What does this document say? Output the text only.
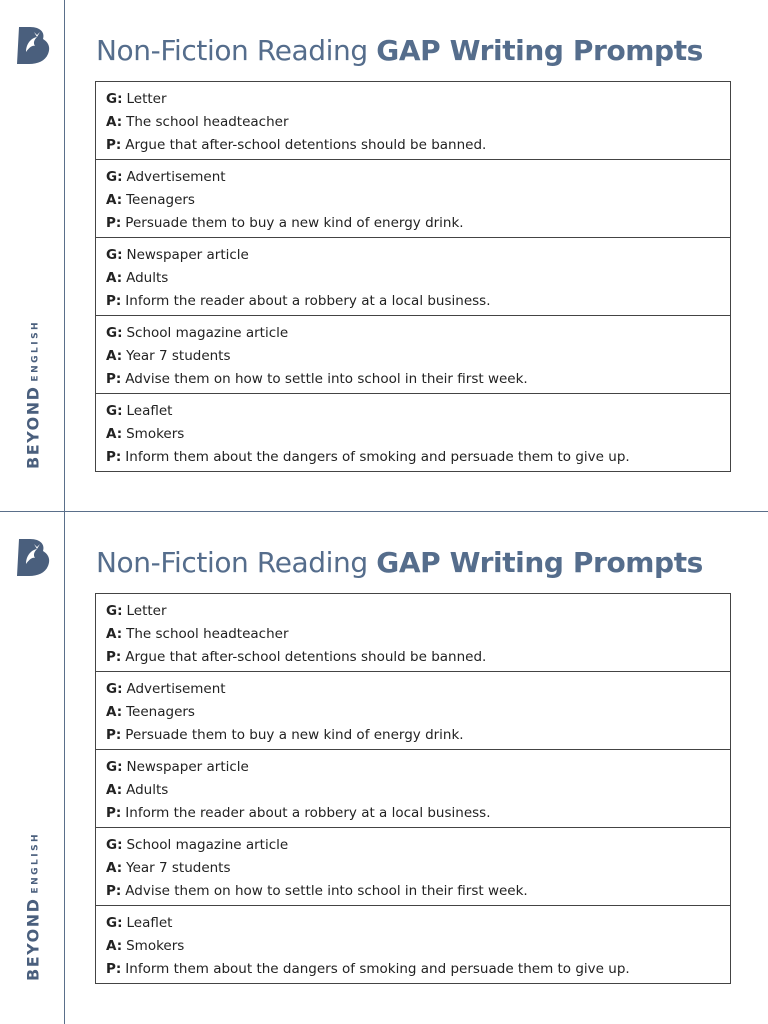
BEYONDENGLISH
Non-Fiction Reading GAP Writing Prompts
G: Letter
A: The school headteacher
P: Argue that after-school detentions should be banned.
G: Advertisement
A: Teenagers
P: Persuade them to buy a new kind of energy drink.
G: Newspaper article
A: Adults
P: Inform the reader about a robbery at a local business.
G: School magazine article
A: Year 7 students
P: Advise them on how to settle into school in their first week.
G: Leaflet
A: Smokers
P: Inform them about the dangers of smoking and persuade them to give up.
BEYONDENGLISH
Non-Fiction Reading GAP Writing Prompts
G: Letter
A: The school headteacher
P: Argue that after-school detentions should be banned.
G: Advertisement
A: Teenagers
P: Persuade them to buy a new kind of energy drink.
G: Newspaper article
A: Adults
P: Inform the reader about a robbery at a local business.
G: School magazine article
A: Year 7 students
P: Advise them on how to settle into school in their first week.
G: Leaflet
A: Smokers
P: Inform them about the dangers of smoking and persuade them to give up.
